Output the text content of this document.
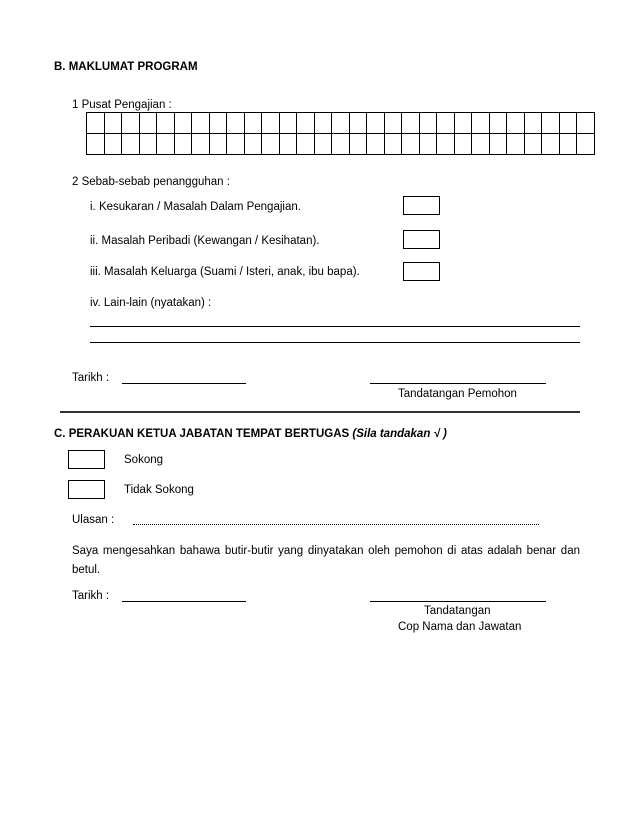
B. MAKLUMAT PROGRAM
1 Pusat Pengajian :

2 Sebab-sebab penangguhan :
i. Kesukaran / Masalah Dalam Pengajian.
ii. Masalah Peribadi (Kewangan / Kesihatan).
iii. Masalah Keluarga (Suami / Isteri, anak, ibu bapa).
iv. Lain-lain (nyatakan) :
Tarikh :
Tandatangan Pemohon
C. PERAKUAN KETUA JABATAN TEMPAT BERTUGAS (Sila tandakan √ )
Sokong
Tidak Sokong
Ulasan :
Saya mengesahkan bahawa butir-butir yang dinyatakan oleh pemohon di atas adalah benar dan betul.
Tarikh :
Tandatangan
Cop Nama dan Jawatan
